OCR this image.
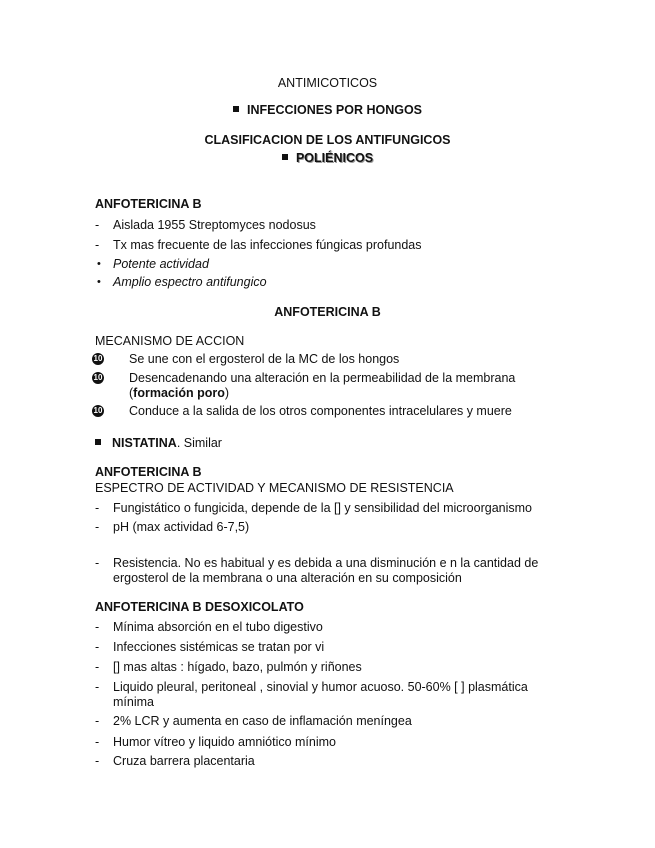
ANTIMICOTICOS
INFECCIONES POR HONGOS
CLASIFICACION DE LOS ANTIFUNGICOS
POLIÉNICOS
ANFOTERICINA B
-	Aislada 1955 Streptomyces nodosus
-	Tx mas frecuente de las infecciones fúngicas profundas
• Potente actividad
• Amplio espectro antifungico
ANFOTERICINA B
MECANISMO DE ACCION
10 Se une con el ergosterol de la MC de los hongos
10 Desencadenando una alteración en la permeabilidad de la membrana
(formación poro)
10 Conduce a la salida de los otros componentes intracelulares y muere
NISTATINA. Similar
ANFOTERICINA B
ESPECTRO DE ACTIVIDAD Y MECANISMO DE RESISTENCIA
-	Fungistático o fungicida, depende de la [] y sensibilidad del microorganismo
-	pH (max actividad 6-7,5)
-	Resistencia. No es habitual y es debida a una disminución e n la cantidad de
ergosterol de la membrana o una alteración en su composición
ANFOTERICINA B DESOXICOLATO
-	Mínima absorción en el tubo digestivo
-	Infecciones sistémicas se tratan por vi
-	[] mas altas : hígado, bazo, pulmón y riñones
-	Liquido pleural, peritoneal , sinovial y humor acuoso. 50-60% [ ] plasmática
mínima
-	2% LCR y aumenta en caso de inflamación meníngea
-	Humor vítreo y liquido amniótico mínimo
-	Cruza barrera placentaria
